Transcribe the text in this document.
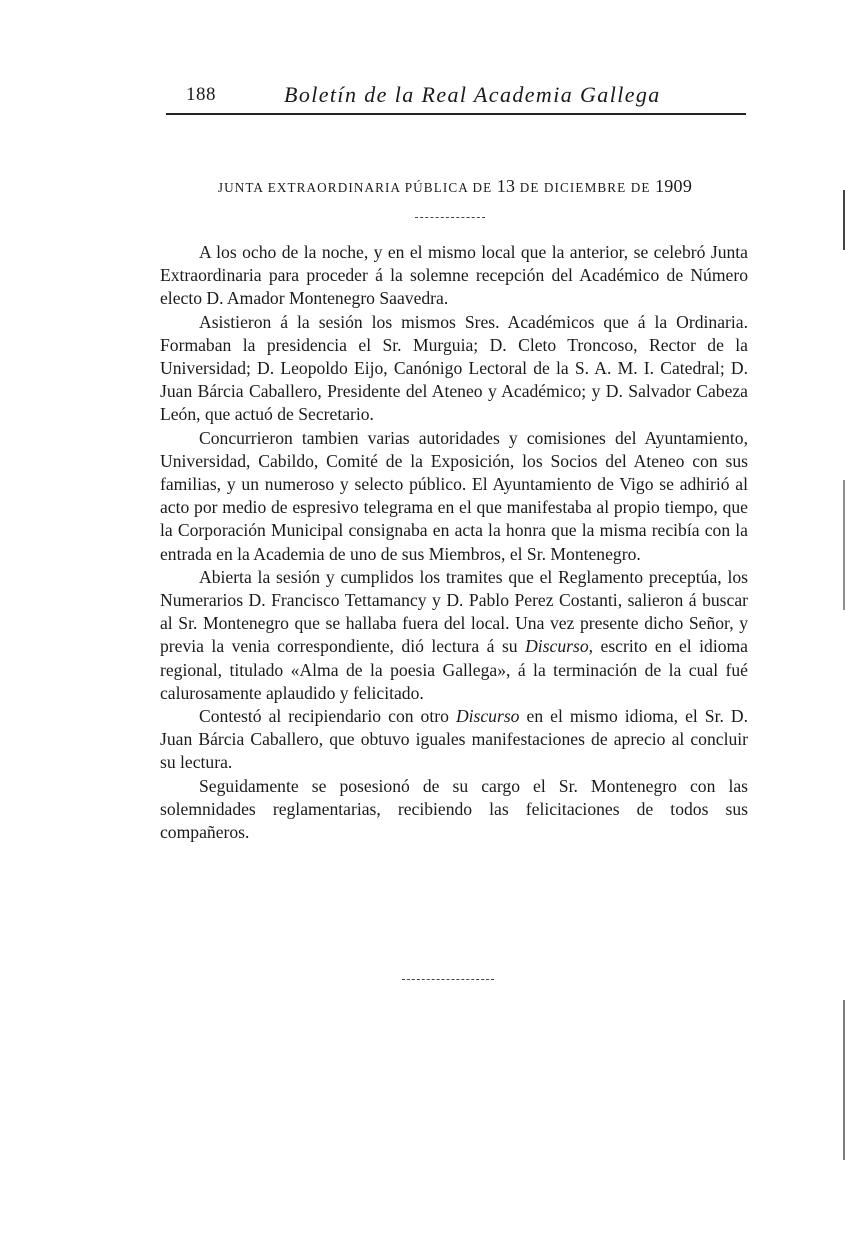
188	Boletín de la Real Academia Gallega
JUNTA EXTRAORDINARIA PÚBLICA DE 13 DE DICIEMBRE DE 1909

A los ocho de la noche, y en el mismo local que la anterior, se celebró Junta Extraordinaria para proceder á la solemne recepción del Académico de Número electo D. Amador Montenegro Saavedra.

Asistieron á la sesión los mismos Sres. Académicos que á la Ordinaria. Formaban la presidencia el Sr. Murguia; D. Cleto Troncoso, Rector de la Universidad; D. Leopoldo Eijo, Canónigo Lectoral de la S. A. M. I. Catedral; D. Juan Bárcia Caballero, Presidente del Ateneo y Académico; y D. Salvador Cabeza León, que actuó de Secretario.

Concurrieron tambien varias autoridades y comisiones del Ayuntamiento, Universidad, Cabildo, Comité de la Exposición, los Socios del Ateneo con sus familias, y un numeroso y selecto público. El Ayuntamiento de Vigo se adhirió al acto por medio de espresivo telegrama en el que manifestaba al propio tiempo, que la Corporación Municipal consignaba en acta la honra que la misma recibía con la entrada en la Academia de uno de sus Miembros, el Sr. Montenegro.

Abierta la sesión y cumplidos los tramites que el Reglamento preceptúa, los Numerarios D. Francisco Tettamancy y D. Pablo Perez Costanti, salieron á buscar al Sr. Montenegro que se hallaba fuera del local. Una vez presente dicho Señor, y previa la venia correspondiente, dió lectura á su Discurso, escrito en el idioma regional, titulado «Alma de la poesia Gallega», á la terminación de la cual fué calurosamente aplaudido y felicitado.

Contestó al recipiendario con otro Discurso en el mismo idioma, el Sr. D. Juan Bárcia Caballero, que obtuvo iguales manifestaciones de aprecio al concluir su lectura.

Seguidamente se posesionó de su cargo el Sr. Montenegro con las solemnidades reglamentarias, recibiendo las felicitaciones de todos sus compañeros.
